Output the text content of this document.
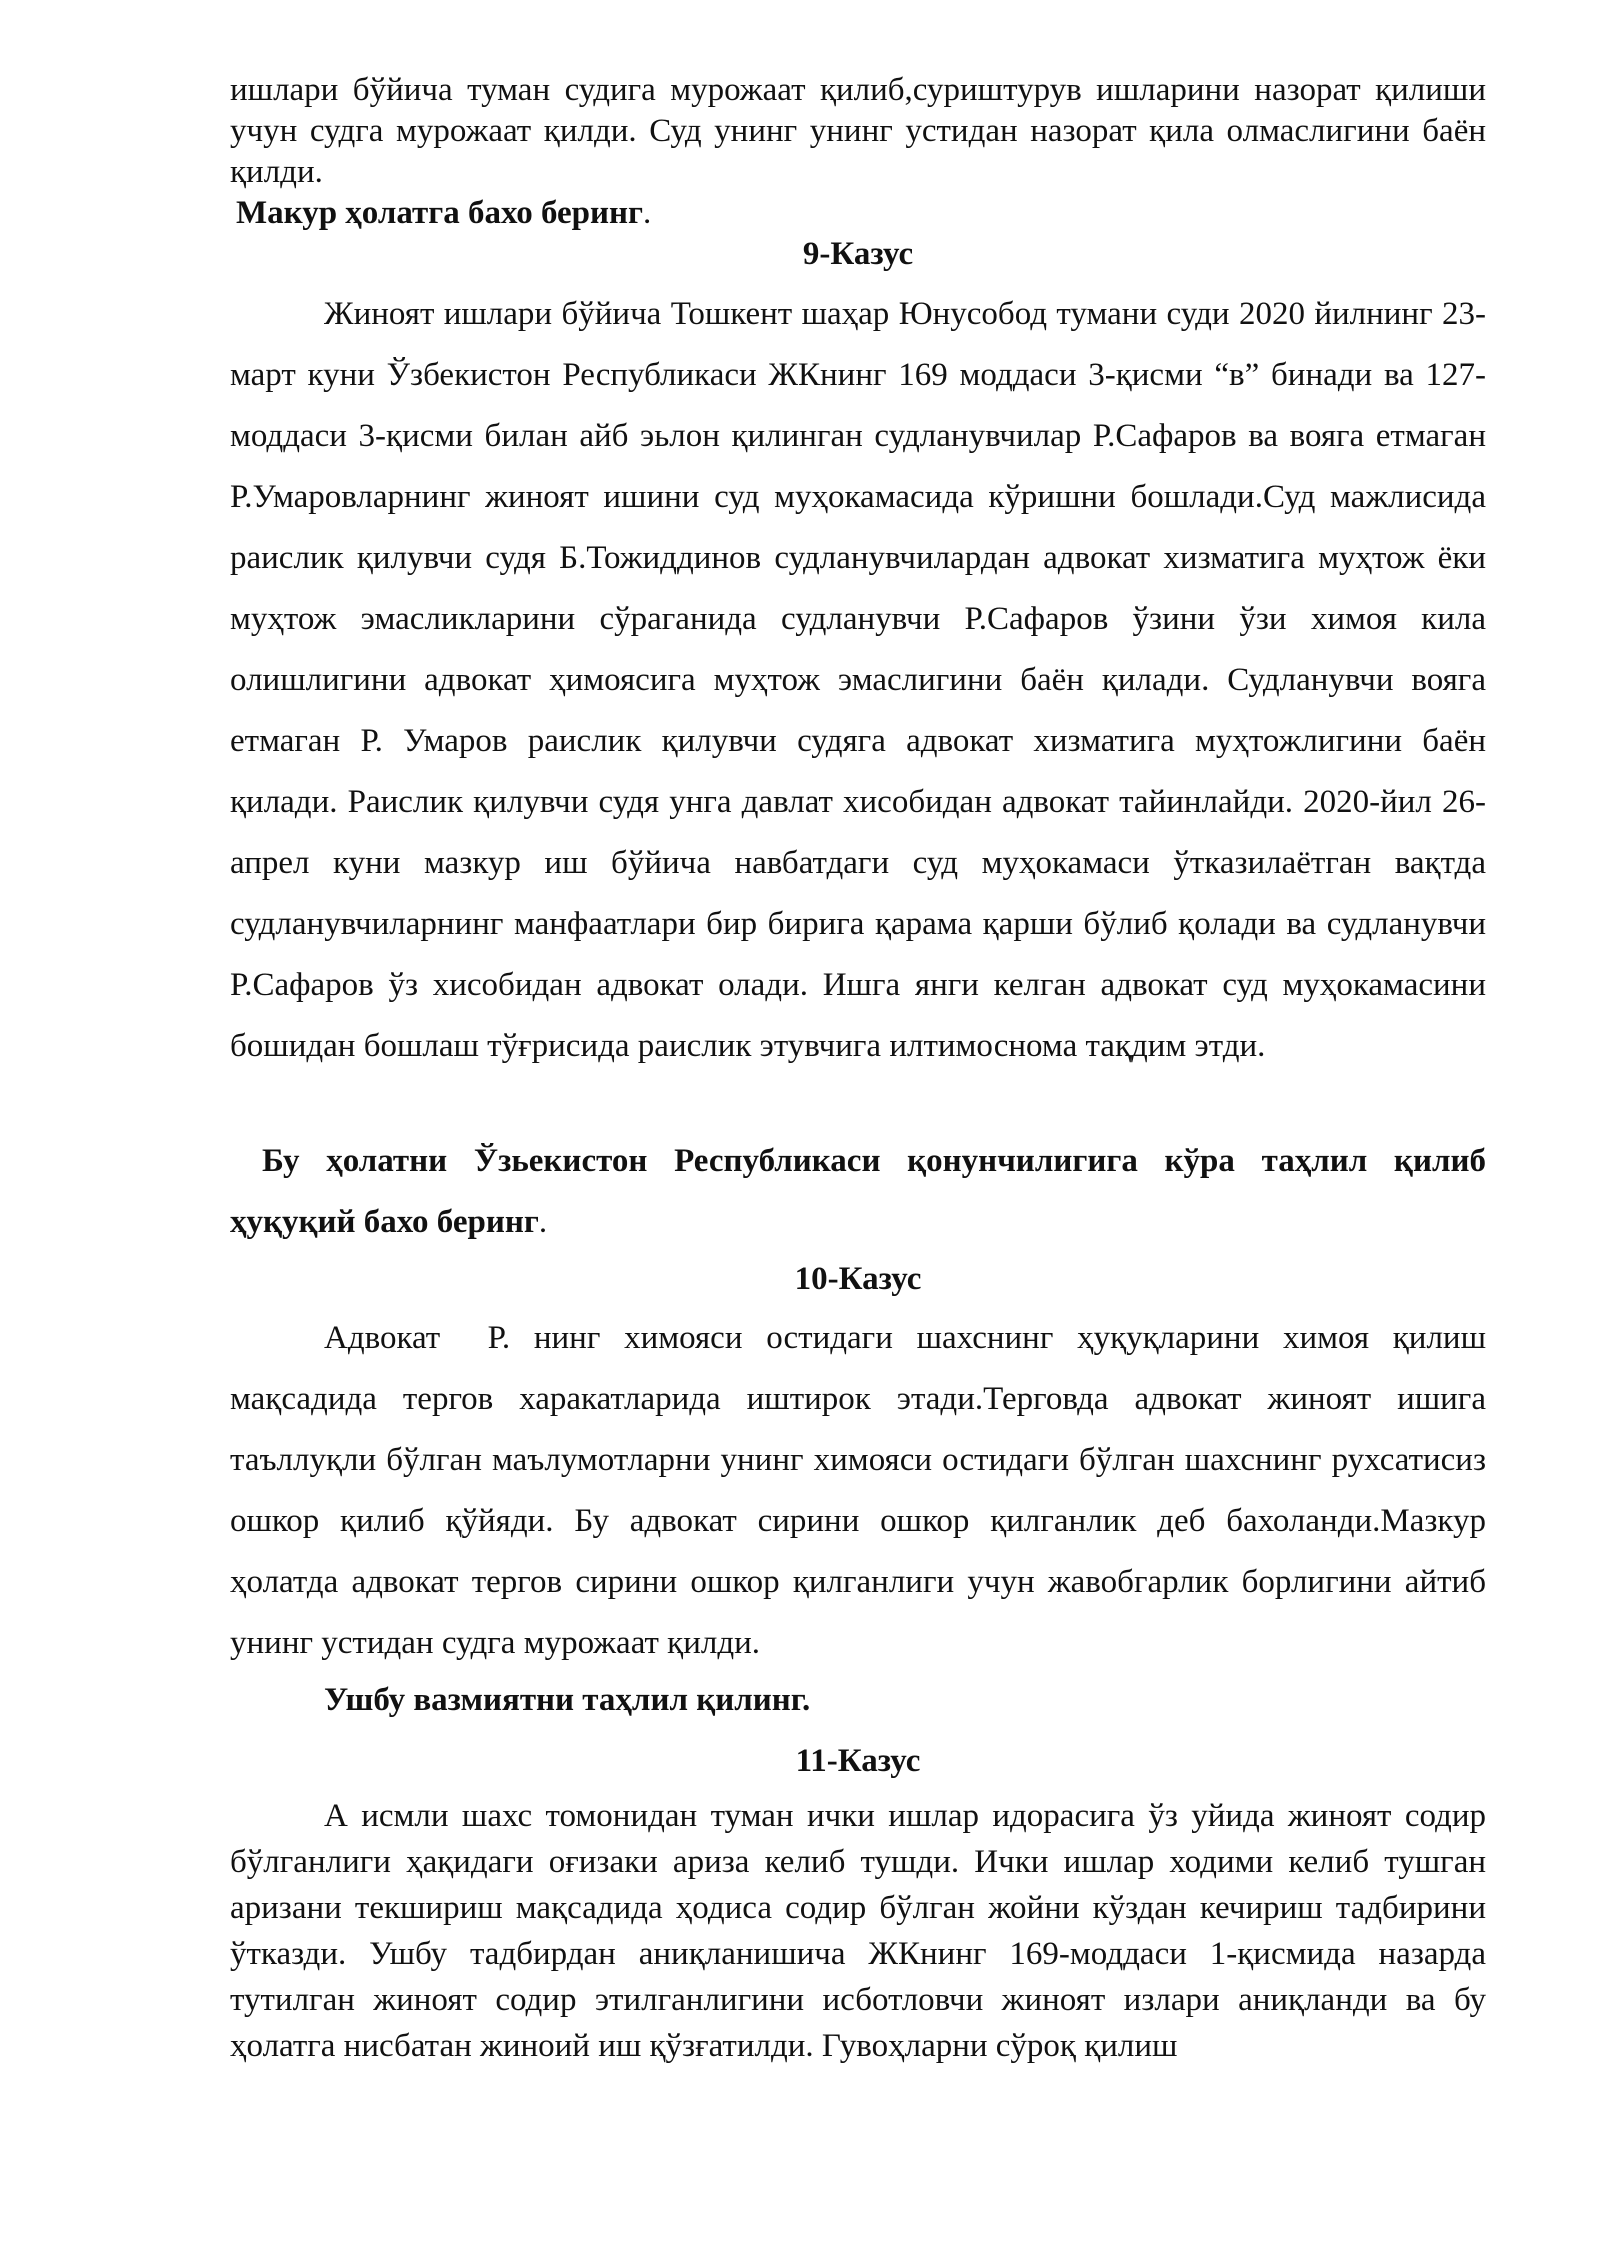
ишлари бўйича туман судига мурожаат қилиб,суриштурув ишларини назорат қилиши учун судга мурожаат қилди. Суд унинг унинг устидан назорат қила олмаслигини баён қилди.

Макур ҳолатга бахо беринг.

9-Казус

Жиноят ишлари бўйича Тошкент шаҳар Юнусобод тумани суди 2020 йилнинг 23- март куни Ўзбекистон Республикаси ЖКнинг 169 моддаси 3-қисми “в” бинади ва 127-моддаси 3-қисми билан айб эьлон қилинган судланувчилар Р.Сафаров ва вояга етмаган Р.Умаровларнинг жиноят ишини суд муҳокамасида кўришни бошлади.Суд мажлисида раислик қилувчи судя Б.Тожиддинов судланувчилардан адвокат хизматига муҳтож ёки муҳтож эмасликларини сўраганида судланувчи Р.Сафаров ўзини ўзи химоя кила олишлигини адвокат ҳимоясига муҳтож эмаслигини баён қилади. Судланувчи вояга етмаган Р. Умаров раислик қилувчи судяга адвокат хизматига муҳтожлигини баён қилади. Раислик қилувчи судя унга давлат хисобидан адвокат тайинлайди. 2020-йил 26- апрел куни мазкур иш бўйича навбатдаги суд муҳокамаси ўтказилаётган вақтда судланувчиларнинг манфаатлари бир бирига қарама қарши бўлиб қолади ва судланувчи Р.Сафаров ўз хисобидан адвокат олади. Ишга янги келган адвокат суд муҳокамасини бошидан бошлаш тўғрисида раислик этувчига илтимоснома тақдим этди.

Бу ҳолатни Ўзьекистон Республикаси қонунчилигига кўра таҳлил қилиб ҳуқуқий бахо беринг.

10-Казус

Адвокат  Р. нинг химояси остидаги шахснинг ҳуқуқларини химоя қилиш мақсадида тергов харакатларида иштирок этади.Терговда адвокат жиноят ишига таъллуқли бўлган маълумотларни унинг химояси остидаги бўлган шахснинг рухсатисиз ошкор қилиб қўйяди. Бу адвокат сирини ошкор қилганлик деб бахоланди.Мазкур ҳолатда адвокат тергов сирини ошкор қилганлиги учун жавобгарлик борлигини айтиб унинг устидан судга мурожаат қилди.

Ушбу вазмиятни таҳлил қилинг.

11-Казус

А исмли шахс томонидан туман ички ишлар идорасига ўз уйида жиноят содир бўлганлиги ҳақидаги оғизаки ариза келиб тушди. Ички ишлар ходими келиб тушган аризани текшириш мақсадида ҳодиса содир бўлган жойни кўздан кечириш тадбирини ўтказди. Ушбу тадбирдан аниқланишича ЖКнинг 169-моддаси 1-қисмида назарда тутилган жиноят содир этилганлигини исботловчи жиноят излари аниқланди ва бу ҳолатга нисбатан жиноий иш қўзғатилди. Гувоҳларни сўроқ қилиш
